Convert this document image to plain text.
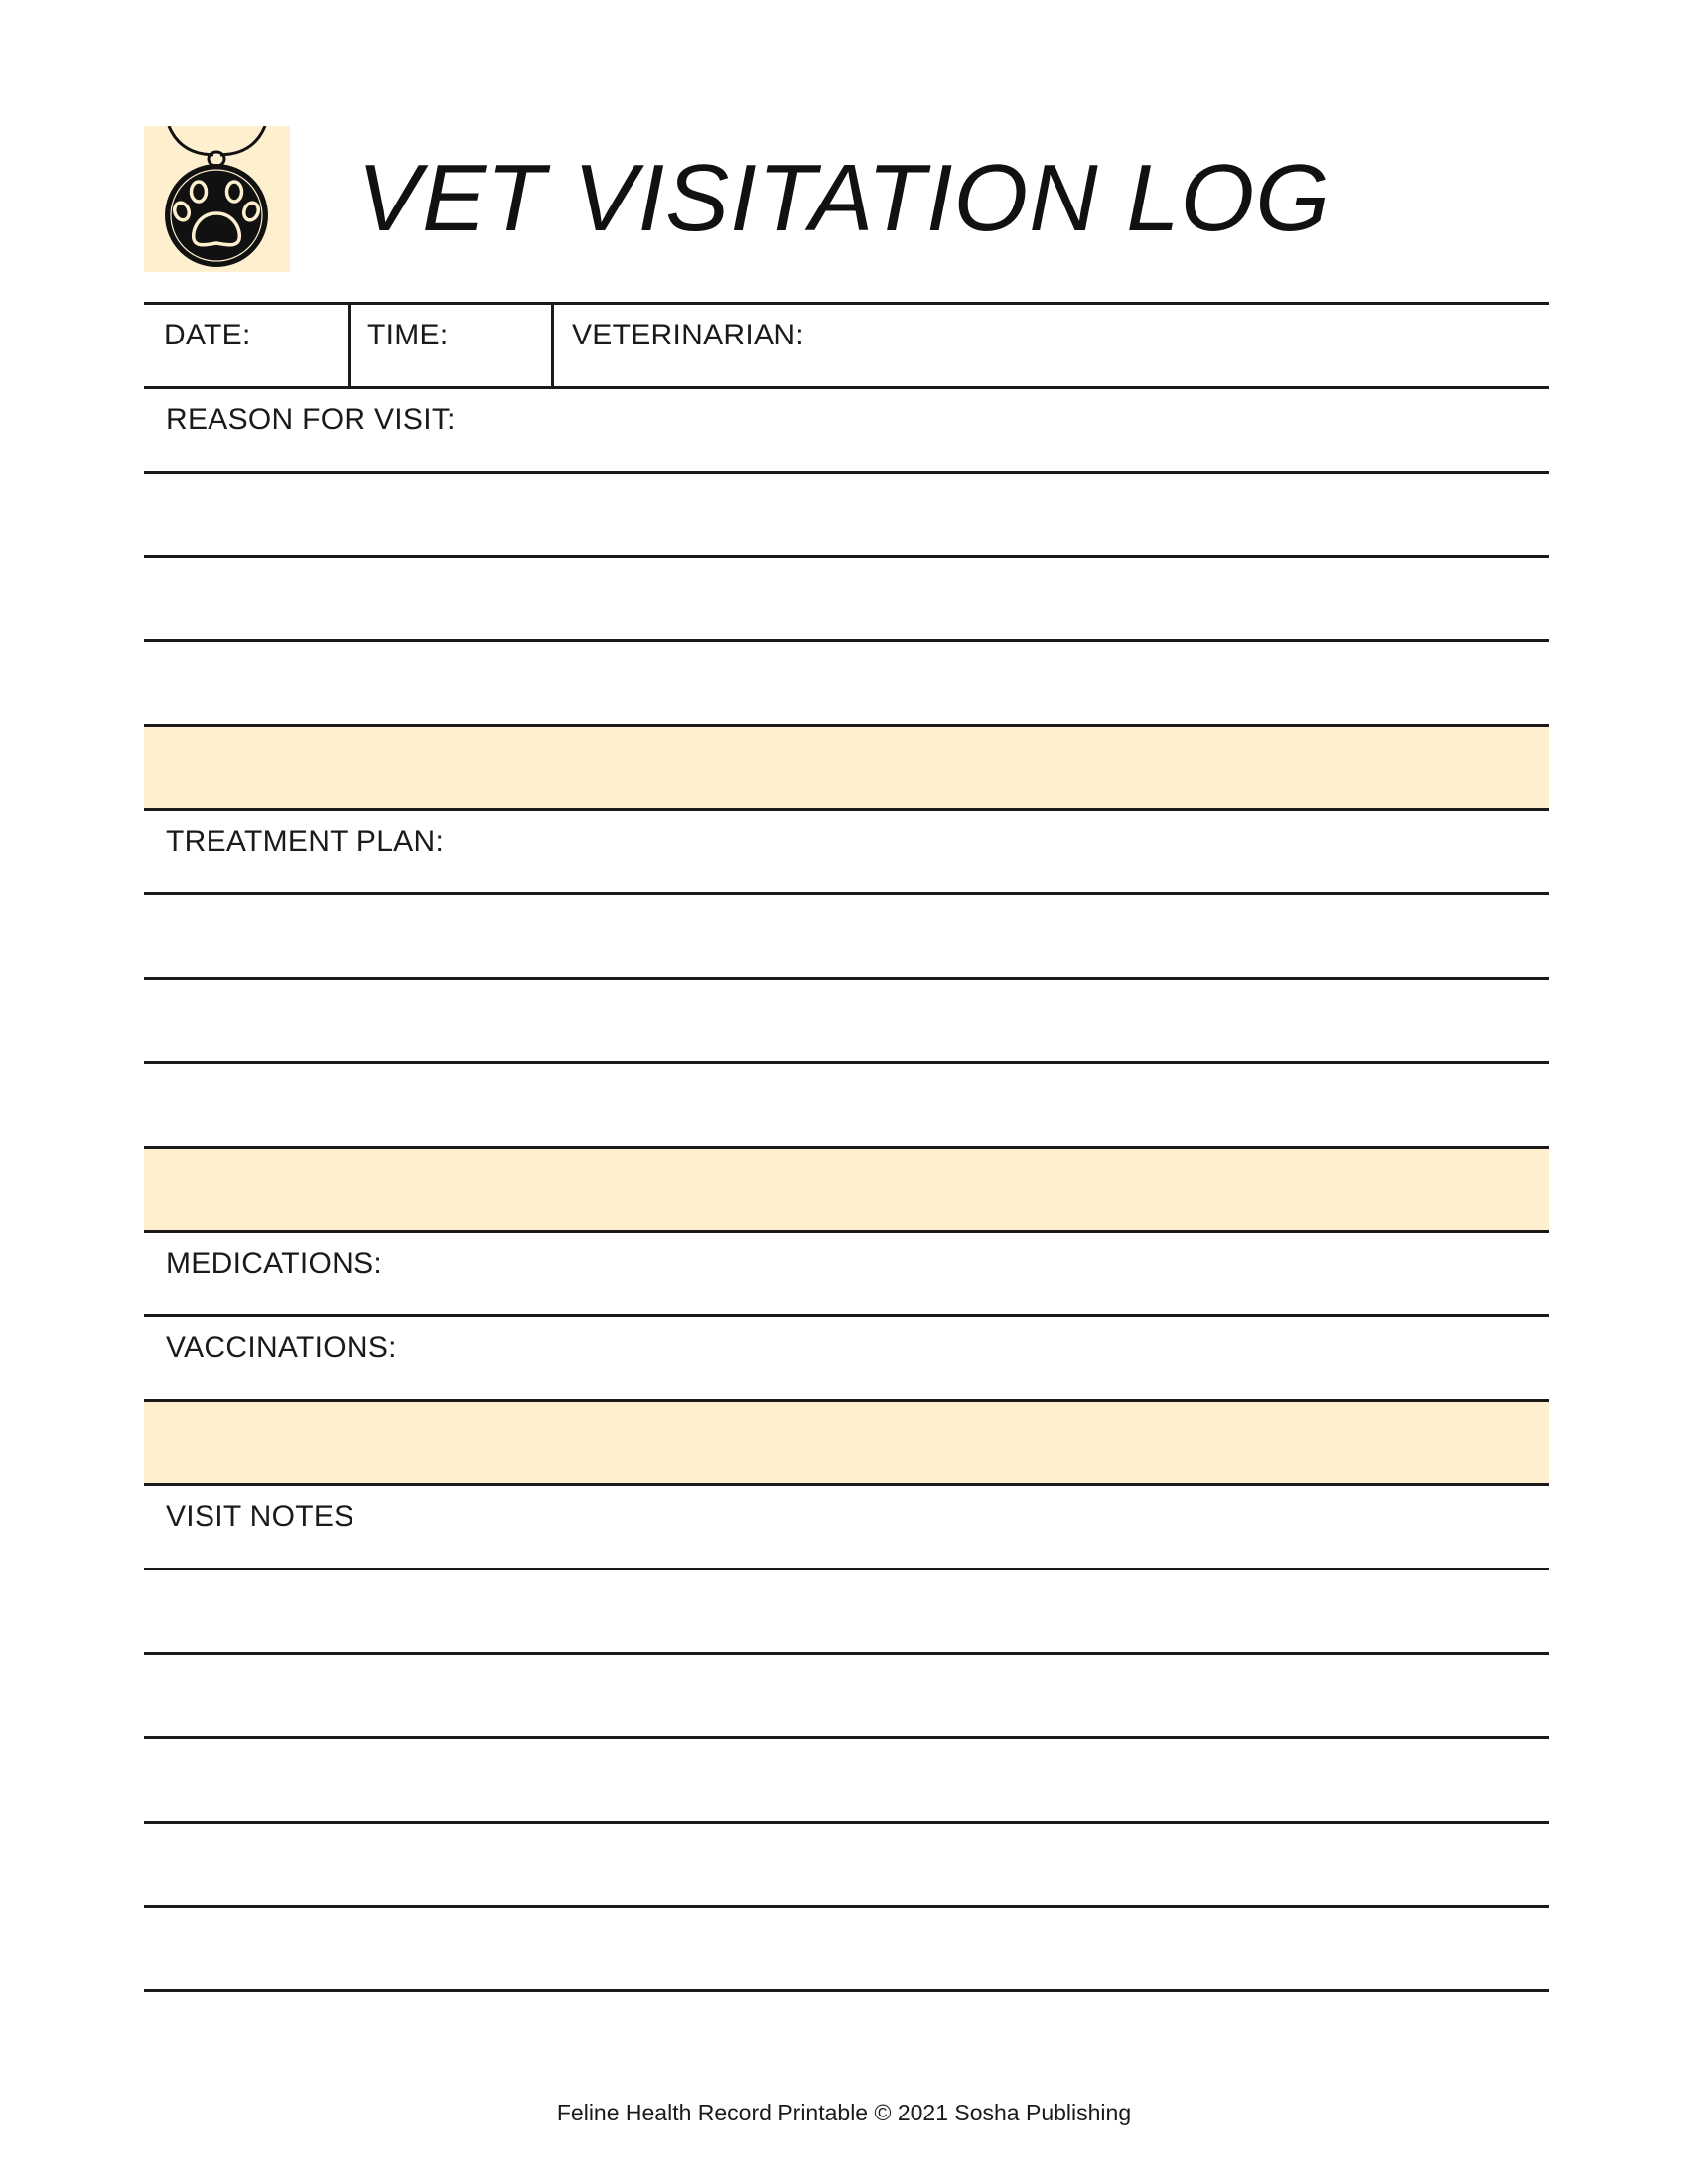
VET VISITATION LOG
DATE:	TIME:	VETERINARIAN:
REASON FOR VISIT:
TREATMENT PLAN:
MEDICATIONS:
VACCINATIONS:
VISIT NOTES
Feline Health Record Printable © 2021 Sosha Publishing
